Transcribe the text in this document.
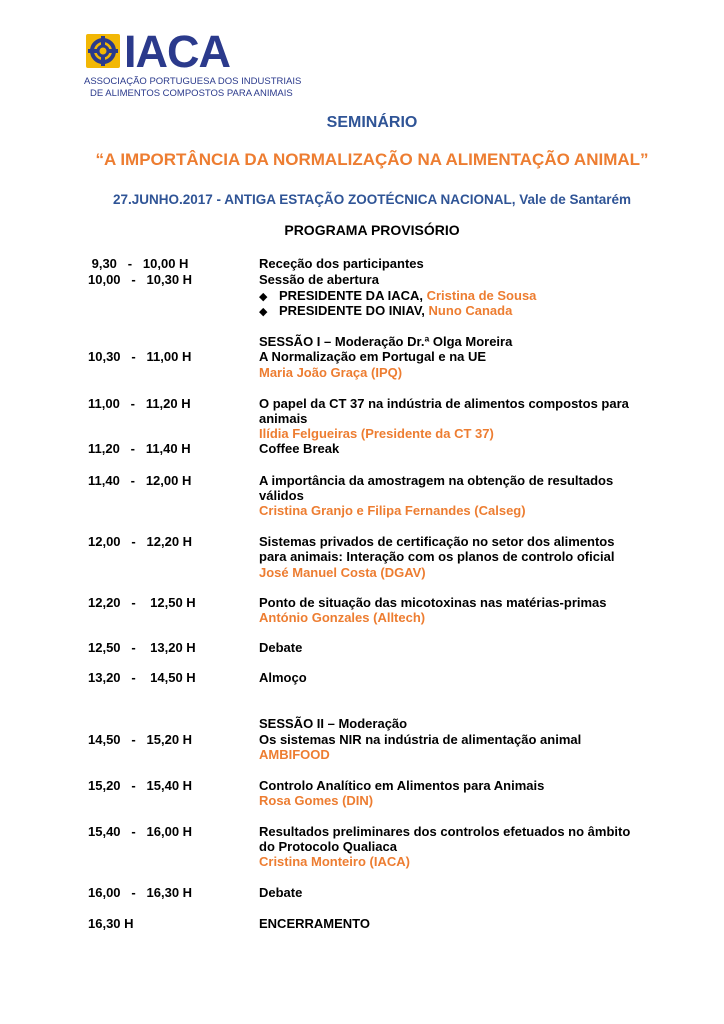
IACA
ASSOCIAÇÃO PORTUGUESA DOS INDUSTRIAIS
DE ALIMENTOS COMPOSTOS PARA ANIMAIS
SEMINÁRIO
“A IMPORTÂNCIA DA NORMALIZAÇÃO NA ALIMENTAÇÃO ANIMAL”
27.JUNHO.2017 - ANTIGA ESTAÇÃO ZOOTÉCNICA NACIONAL, Vale de Santarém
PROGRAMA PROVISÓRIO
9,30   -   10,00 H	Receção dos participantes
10,00   -   10,30 H	Sessão de abertura
◆ PRESIDENTE DA IACA, Cristina de Sousa
◆ PRESIDENTE DO INIAV, Nuno Canada
SESSÃO I – Moderação Dr.ª Olga Moreira
10,30   -   11,00 H	A Normalização em Portugal e na UE
Maria João Graça (IPQ)
11,00   -   11,20 H	O papel da CT 37 na indústria de alimentos compostos para
animais
Ilídia Felgueiras (Presidente da CT 37)
11,20   -   11,40 H	Coffee Break
11,40   -   12,00 H	A importância da amostragem na obtenção de resultados
válidos
Cristina Granjo e Filipa Fernandes (Calseg)
12,00   -   12,20 H	Sistemas privados de certificação no setor dos alimentos
para animais: Interação com os planos de controlo oficial
José Manuel Costa (DGAV)
12,20   -    12,50 H	Ponto de situação das micotoxinas nas matérias-primas
António Gonzales (Alltech)
12,50   -    13,20 H	Debate
13,20   -    14,50 H	Almoço
SESSÃO II – Moderação
14,50   -   15,20 H	Os sistemas NIR na indústria de alimentação animal
AMBIFOOD
15,20   -   15,40 H	Controlo Analítico em Alimentos para Animais
Rosa Gomes (DIN)
15,40   -   16,00 H	Resultados preliminares dos controlos efetuados no âmbito
do Protocolo Qualiaca
Cristina Monteiro (IACA)
16,00   -   16,30 H	Debate
16,30 H	ENCERRAMENTO
